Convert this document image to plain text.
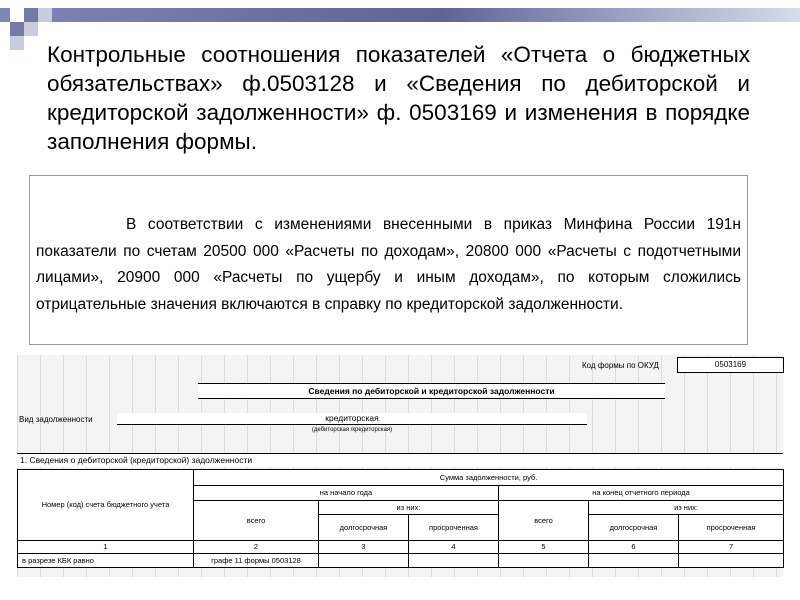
Контрольные соотношения показателей «Отчета о бюджетных обязательствах» ф.0503128 и «Сведения по дебиторской и кредиторской задолженности» ф. 0503169 и изменения в порядке заполнения формы.
В соответствии с изменениями внесенными в приказ Минфина России 191н показатели по счетам 20500 000 «Расчеты по доходам», 20800 000 «Расчеты с подотчетными лицами», 20900 000 «Расчеты по ущербу и иным доходам», по которым сложились отрицательные значения включаются в справку по кредиторской задолженности.
Код формы по ОКУД	0503169
Сведения по дебиторской и кредиторской задолженности
Вид задолженности	кредиторская
(дебиторская /кредиторская)
1. Сведения о дебиторской (кредиторской) задолженности
Номер (код) счета бюджетного учета	Сумма задолженности, руб.					
	на начало года			на конец отчетного периода		
	всего	из них:		всего	из них:	
		долгосрочная	просроченная		долгосрочная	просроченная
1	2	3	4	5	6	7
в разрезе КБК равно	графе 11 формы 0503128					
